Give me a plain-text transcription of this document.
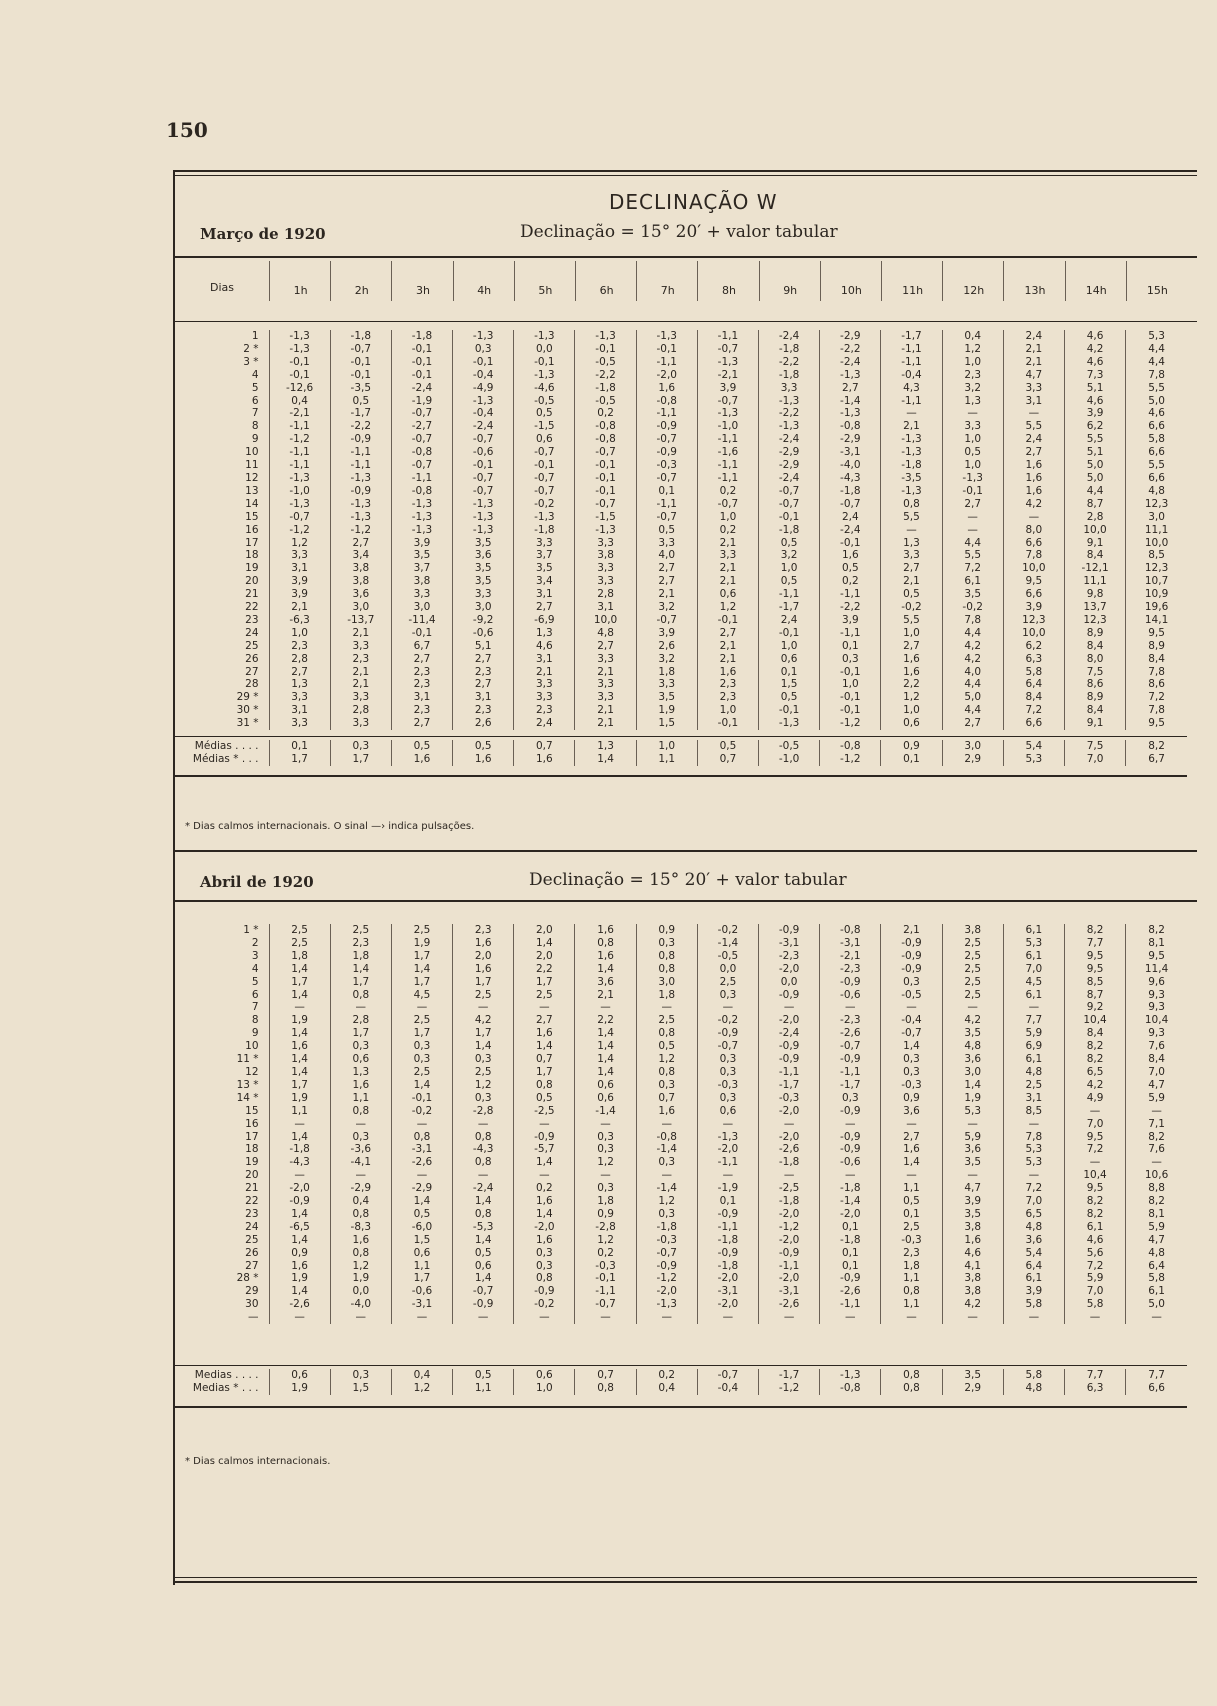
150
DECLINAÇÃO W
Março de 1920	Declinação = 15° 20′ + valor tabular
Dias	1h	2h	3h	4h	5h	6h	7h	8h	9h	10h	11h	12h	13h	14h	15h
1	-1,3	-1,8	-1,8	-1,3	-1,3	-1,3	-1,3	-1,1	-2,4	-2,9	-1,7	0,4	2,4	4,6	5,3
2 *	-1,3	-0,7	-0,1	0,3	0,0	-0,1	-0,1	-0,7	-1,8	-2,2	-1,1	1,2	2,1	4,2	4,4
3 *	-0,1	-0,1	-0,1	-0,1	-0,1	-0,5	-1,1	-1,3	-2,2	-2,4	-1,1	1,0	2,1	4,6	4,4
4	-0,1	-0,1	-0,1	-0,4	-1,3	-2,2	-2,0	-2,1	-1,8	-1,3	-0,4	2,3	4,7	7,3	7,8
5	-12,6	-3,5	-2,4	-4,9	-4,6	-1,8	1,6	3,9	3,3	2,7	4,3	3,2	3,3	5,1	5,5
6	0,4	0,5	-1,9	-1,3	-0,5	-0,5	-0,8	-0,7	-1,3	-1,4	-1,1	1,3	3,1	4,6	5,0
7	-2,1	-1,7	-0,7	-0,4	0,5	0,2	-1,1	-1,3	-2,2	-1,3	—	—	—	3,9	4,6
8	-1,1	-2,2	-2,7	-2,4	-1,5	-0,8	-0,9	-1,0	-1,3	-0,8	2,1	3,3	5,5	6,2	6,6
9	-1,2	-0,9	-0,7	-0,7	0,6	-0,8	-0,7	-1,1	-2,4	-2,9	-1,3	1,0	2,4	5,5	5,8
10	-1,1	-1,1	-0,8	-0,6	-0,7	-0,7	-0,9	-1,6	-2,9	-3,1	-1,3	0,5	2,7	5,1	6,6
11	-1,1	-1,1	-0,7	-0,1	-0,1	-0,1	-0,3	-1,1	-2,9	-4,0	-1,8	1,0	1,6	5,0	5,5
12	-1,3	-1,3	-1,1	-0,7	-0,7	-0,1	-0,7	-1,1	-2,4	-4,3	-3,5	-1,3	1,6	5,0	6,6
13	-1,0	-0,9	-0,8	-0,7	-0,7	-0,1	0,1	0,2	-0,7	-1,8	-1,3	-0,1	1,6	4,4	4,8
14	-1,3	-1,3	-1,3	-1,3	-0,2	-0,7	-1,1	-0,7	-0,7	-0,7	0,8	2,7	4,2	8,7	12,3
15	-0,7	-1,3	-1,3	-1,3	-1,3	-1,5	-0,7	1,0	-0,1	2,4	5,5	—	—	2,8	3,0
16	-1,2	-1,2	-1,3	-1,3	-1,8	-1,3	0,5	0,2	-1,8	-2,4	—	—	8,0	10,0	11,1
17	1,2	2,7	3,9	3,5	3,3	3,3	3,3	2,1	0,5	-0,1	1,3	4,4	6,6	9,1	10,0
18	3,3	3,4	3,5	3,6	3,7	3,8	4,0	3,3	3,2	1,6	3,3	5,5	7,8	8,4	8,5
19	3,1	3,8	3,7	3,5	3,5	3,3	2,7	2,1	1,0	0,5	2,7	7,2	10,0	-12,1	12,3
20	3,9	3,8	3,8	3,5	3,4	3,3	2,7	2,1	0,5	0,2	2,1	6,1	9,5	11,1	10,7
21	3,9	3,6	3,3	3,3	3,1	2,8	2,1	0,6	-1,1	-1,1	0,5	3,5	6,6	9,8	10,9
22	2,1	3,0	3,0	3,0	2,7	3,1	3,2	1,2	-1,7	-2,2	-0,2	-0,2	3,9	13,7	19,6
23	-6,3	-13,7	-11,4	-9,2	-6,9	10,0	-0,7	-0,1	2,4	3,9	5,5	7,8	12,3	12,3	14,1
24	1,0	2,1	-0,1	-0,6	1,3	4,8	3,9	2,7	-0,1	-1,1	1,0	4,4	10,0	8,9	9,5
25	2,3	3,3	6,7	5,1	4,6	2,7	2,6	2,1	1,0	0,1	2,7	4,2	6,2	8,4	8,9
26	2,8	2,3	2,7	2,7	3,1	3,3	3,2	2,1	0,6	0,3	1,6	4,2	6,3	8,0	8,4
27	2,7	2,1	2,3	2,3	2,1	2,1	1,8	1,6	0,1	-0,1	1,6	4,0	5,8	7,5	7,8
28	1,3	2,1	2,3	2,7	3,3	3,3	3,3	2,3	1,5	1,0	2,2	4,4	6,4	8,6	8,6
29 *	3,3	3,3	3,1	3,1	3,3	3,3	3,5	2,3	0,5	-0,1	1,2	5,0	8,4	8,9	7,2
30 *	3,1	2,8	2,3	2,3	2,3	2,1	1,9	1,0	-0,1	-0,1	1,0	4,4	7,2	8,4	7,8
31 *	3,3	3,3	2,7	2,6	2,4	2,1	1,5	-0,1	-1,3	-1,2	0,6	2,7	6,6	9,1	9,5
Médias . . . .	0,1	0,3	0,5	0,5	0,7	1,3	1,0	0,5	-0,5	-0,8	0,9	3,0	5,4	7,5	8,2
Médias * . . .	1,7	1,7	1,6	1,6	1,6	1,4	1,1	0,7	-1,0	-1,2	0,1	2,9	5,3	7,0	6,7
* Dias calmos internacionais. O sinal —› indica pulsações.
Abril de 1920	Declinação = 15° 20′ + valor tabular
1 *	2,5	2,5	2,5	2,3	2,0	1,6	0,9	-0,2	-0,9	-0,8	2,1	3,8	6,1	8,2	8,2
2	2,5	2,3	1,9	1,6	1,4	0,8	0,3	-1,4	-3,1	-3,1	-0,9	2,5	5,3	7,7	8,1
3	1,8	1,8	1,7	2,0	2,0	1,6	0,8	-0,5	-2,3	-2,1	-0,9	2,5	6,1	9,5	9,5
4	1,4	1,4	1,4	1,6	2,2	1,4	0,8	0,0	-2,0	-2,3	-0,9	2,5	7,0	9,5	11,4
5	1,7	1,7	1,7	1,7	1,7	3,6	3,0	2,5	0,0	-0,9	0,3	2,5	4,5	8,5	9,6
6	1,4	0,8	4,5	2,5	2,5	2,1	1,8	0,3	-0,9	-0,6	-0,5	2,5	6,1	8,7	9,3
7	—	—	—	—	—	—	—	—	—	—	—	—	—	9,2	9,3
8	1,9	2,8	2,5	4,2	2,7	2,2	2,5	-0,2	-2,0	-2,3	-0,4	4,2	7,7	10,4	10,4
9	1,4	1,7	1,7	1,7	1,6	1,4	0,8	-0,9	-2,4	-2,6	-0,7	3,5	5,9	8,4	9,3
10	1,6	0,3	0,3	1,4	1,4	1,4	0,5	-0,7	-0,9	-0,7	1,4	4,8	6,9	8,2	7,6
11 *	1,4	0,6	0,3	0,3	0,7	1,4	1,2	0,3	-0,9	-0,9	0,3	3,6	6,1	8,2	8,4
12	1,4	1,3	2,5	2,5	1,7	1,4	0,8	0,3	-1,1	-1,1	0,3	3,0	4,8	6,5	7,0
13 *	1,7	1,6	1,4	1,2	0,8	0,6	0,3	-0,3	-1,7	-1,7	-0,3	1,4	2,5	4,2	4,7
14 *	1,9	1,1	-0,1	0,3	0,5	0,6	0,7	0,3	-0,3	0,3	0,9	1,9	3,1	4,9	5,9
15	1,1	0,8	-0,2	-2,8	-2,5	-1,4	1,6	0,6	-2,0	-0,9	3,6	5,3	8,5	—	—
16	—	—	—	—	—	—	—	—	—	—	—	—	—	7,0	7,1
17	1,4	0,3	0,8	0,8	-0,9	0,3	-0,8	-1,3	-2,0	-0,9	2,7	5,9	7,8	9,5	8,2
18	-1,8	-3,6	-3,1	-4,3	-5,7	0,3	-1,4	-2,0	-2,6	-0,9	1,6	3,6	5,3	7,2	7,6
19	-4,3	-4,1	-2,6	0,8	1,4	1,2	0,3	-1,1	-1,8	-0,6	1,4	3,5	5,3	—	—
20	—	—	—	—	—	—	—	—	—	—	—	—	—	10,4	10,6
21	-2,0	-2,9	-2,9	-2,4	0,2	0,3	-1,4	-1,9	-2,5	-1,8	1,1	4,7	7,2	9,5	8,8
22	-0,9	0,4	1,4	1,4	1,6	1,8	1,2	0,1	-1,8	-1,4	0,5	3,9	7,0	8,2	8,2
23	1,4	0,8	0,5	0,8	1,4	0,9	0,3	-0,9	-2,0	-2,0	0,1	3,5	6,5	8,2	8,1
24	-6,5	-8,3	-6,0	-5,3	-2,0	-2,8	-1,8	-1,1	-1,2	0,1	2,5	3,8	4,8	6,1	5,9
25	1,4	1,6	1,5	1,4	1,6	1,2	-0,3	-1,8	-2,0	-1,8	-0,3	1,6	3,6	4,6	4,7
26	0,9	0,8	0,6	0,5	0,3	0,2	-0,7	-0,9	-0,9	0,1	2,3	4,6	5,4	5,6	4,8
27	1,6	1,2	1,1	0,6	0,3	-0,3	-0,9	-1,8	-1,1	0,1	1,8	4,1	6,4	7,2	6,4
28 *	1,9	1,9	1,7	1,4	0,8	-0,1	-1,2	-2,0	-2,0	-0,9	1,1	3,8	6,1	5,9	5,8
29	1,4	0,0	-0,6	-0,7	-0,9	-1,1	-2,0	-3,1	-3,1	-2,6	0,8	3,8	3,9	7,0	6,1
30	-2,6	-4,0	-3,1	-0,9	-0,2	-0,7	-1,3	-2,0	-2,6	-1,1	1,1	4,2	5,8	5,8	5,0
—	—	—	—	—	—	—	—	—	—	—	—	—	—	—	—
Medias . . . .	0,6	0,3	0,4	0,5	0,6	0,7	0,2	-0,7	-1,7	-1,3	0,8	3,5	5,8	7,7	7,7
Medias * . . .	1,9	1,5	1,2	1,1	1,0	0,8	0,4	-0,4	-1,2	-0,8	0,8	2,9	4,8	6,3	6,6
* Dias calmos internacionais.
